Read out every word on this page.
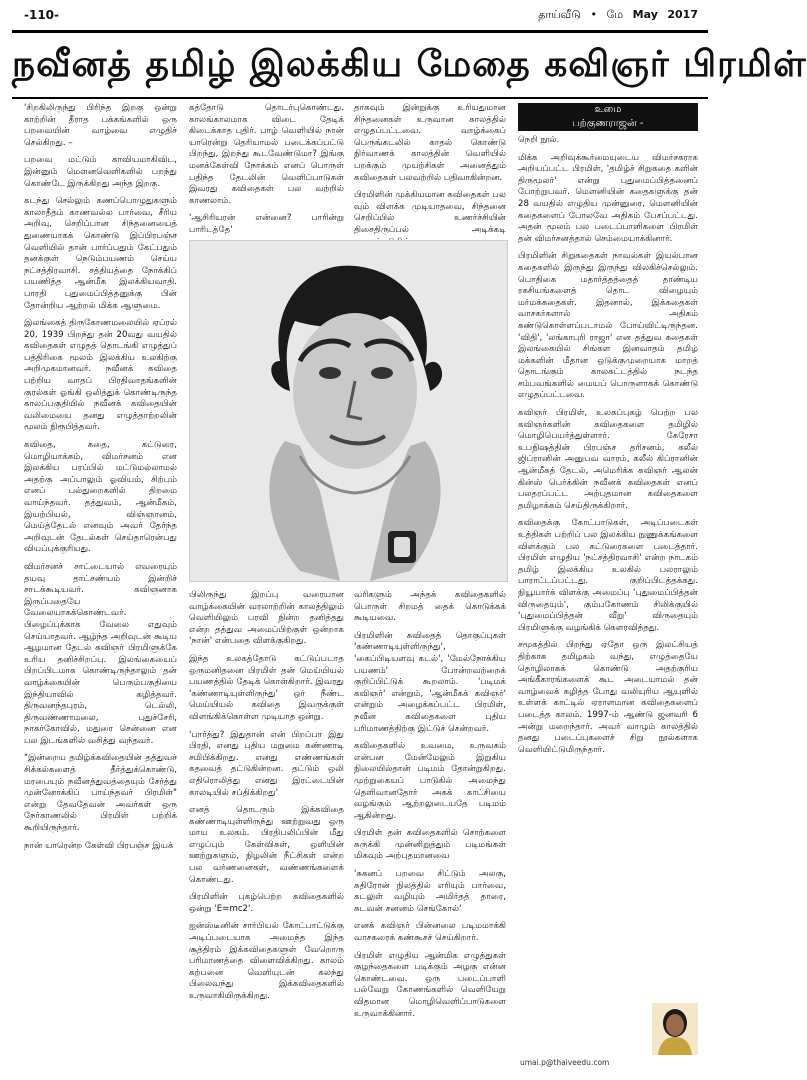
-110-	தாய்வீடு • மே May 2017
நவீனத் தமிழ் இலக்கிய மேதை கவிஞர் பிரமிள்

'சிறகிலிருந்து பிரிந்த இறகு ஒன்று காற்றின் தீராத பக்கங்களில் ஒரு பறவையின் வாழ்வை எழுதிச் செல்கிறது. –

பறவை மட்டும் காவியமாகிவிட, இன்னும் மௌனவெளிகளில் பறந்து கொண்டே இருக்கிறது அந்த இறகு.

கடந்து செல்லும் கணப்பொழுதுகளும் காலாதீதம் காணவல்ல பார்வை, சீரிய அறிவு, செறிப்பான சிந்தனையைத் துணையாகக் கொண்டு இப்பிரபஞ்ச வெளியில் தான் பார்ப்பதும் கேட்பதும் தனக்குள் நெடும்பயணம் செய்ய நட்சத்திரவாசி. சத்தியத்தை நோக்கிப் பயணித்த ஆன்மீக இலக்கியவாதி. பாரதி புதுமைப்பித்தனுக்கு பின் தோன்றிய ஆற்றல் மிக்க ஆளுமை.

இலங்கைத் திருகோணமலையில் ஏப்ரல் 20, 1939 பிறந்து தன் 20வது வயதில் கவிதைகள் எழுதத் தொடங்கி எழுத்துப் பத்திரிகை மூலம் இலக்கிய உலகிற்கு அறிமுகமானவர். நவீனக் கவிதை பற்றிய வாதப் பிரதிவாதங்களின் குரல்கள் ஓங்கி ஒலித்துக் கொண்டிருந்த காலப்பகுதியில் நவீனக் கவிதையின் வலிமையை தனது எழுத்தாற்றலின் மூலம் நிரூபித்தவர்.

கவிதை, கதை, கட்டுரை, மொழியாக்கம், விமர்சனம் என இலக்கிய பரப்பில் மட்டுமல்லாமல் அதற்கு அப்பாலும் ஓவியம், சிற்பம் எனப் பல்துறைகளில் திறமை வாய்ந்தவர். தத்துவம், ஆன்மீகம், இயற்பியல், விஞ்ஞானம், மெய்த்தேடல் எனவும் அவர் தேர்ந்த அறிவுடன் தேடல்கள் செய்தாரென்பது வியப்புக்குரியது.

விமர்சனச் சாட்டையால் எவரையும் தயவு தாட்சண்யம் இன்றிச் சாடக்கூடியவர். கவிஞனாக இருப்பதையே வேலையாகக்கொண்டவர். பிழைப்புக்காக வேலை எதுவும் செய்யாதவர். ஆழ்ந்த அறிவுடன் கூடிய ஆழமான தேடல் கவிஞர் பிரமிளுக்கே உரிய தனிச்சிறப்பு. இலங்கையைப் பிறப்பிடமாக கொண்டிருந்தாலும் தன் வாழ்க்கையின் பெரும்பகுதியை இந்தியாவில் கழித்தவர். திருவனந்தபுரம், டெல்லி, திருவண்ணாமலை, புதுச்சேரி, நாகர்கோவில், மதுரை சென்னை என பல இடங்களில் வசித்து வந்தவர்.

"இன்றைய தமிழ்க்கவிதையின் தத்துவச் சிக்கல்களைத் தீர்த்துக்கொண்டு, மரபையும் நவீனத்துவத்தையும் சேர்த்து முன்னோக்கிப் பாய்ந்தவர் பிரமிள்" என்று தேவதேவன் அவர்கள் ஒரு நேர்காணலில் பிரமிள் பற்றிக் கூறியிருந்தார்.

நான் யாரென்ற கேள்வி பிரபஞ்ச இயக்

கத்தோடு தொடர்புகொண்டது. காலங்காலமாக விடை தேடிக் கிடைக்காத புதிர். பாழ் வெளியில் நான் யாரென்று தெரியாமல் படைக்கப்பட்டு பிறந்து, இறந்து கூடவேண்டுமா? இங்கு மனக்கேள்வி நோக்கம் எனப் பொருள் பதிந்த தேடலின் வெளிப்பாடுகள் இவரது கவிதைகள் பல வற்றில் காணலாம்.

'ஆசிரியரன் என்னை? பாரின்று பாரிடத்தே'

தாகவும் இன்றுக்கு உரியதுமான சிந்தனைகள் உருவான காலத்தில் எழுதப்பட்டவை. வாழ்க்கைப் பெருங்கடலில் காதல் கொண்டு நிர்வாணக் காலத்தின் வெளியில் பறக்கும் முயற்சிகள் அனைத்தும் கவிதைகள் பலவற்றில் பதிவாகின்றன.

பிரமிளின் முக்கியமான கவிதைகள் பல வும் விளக்க முடியாதவை, சிந்தனை செறிப்பில் உணர்ச்சியின் திசைதிருப்பல் அடிக்கடி

உமை
பற்குணராஜன் -

நெறி நூல்.

மிக்க அறிவுக்கூர்மையுடைய விமர்சகராக அறியப்பட்ட பிரமிள், 'தமிழ்ச் சிறுகதை களின் திருமூலர்' என்று புதுமைப்பித்தனைப் போற்றுபவர். மௌனியின் கதைகளுக்கு தன் 28 வயதில் எழுதிய முன்னுரை, மௌனியின் கதைகளைப் போலவே அதிகம் பேசப்பட்டது. அதன் மூலம் பல படைப்பாளிகளை பிரமிள் தன் விமர்சனத்தால் செம்மையாக்கினார்.

பிரமிளின் சிறுகதைகள் நாவல்கள் இயல்பான கதைகளில் இருந்து இருந்து விலகிச்செல்லும். பொதிகை மதார்த்தத்தைத் தாண்டிய ரகசியங்களைத் தொட விழையும் மர்மக்கதைகள். இதனால், இக்கதைகள் வாசகர்களால் அதிகம் கண்டுகொள்ளப்படாமல் போய்விட்டிருந்தன. 'விதி', 'லங்காபுரி ராஜா' என தத்துவ கதைகள் இலங்கையில் சிங்கள இனவாதம் தமிழ் மக்களின் மீதான ஒடுக்குமுறையாக மாறத் தொடங்கும் காலகட்டத்தில் நடந்த சம்பவங்களில் மையப் பொருளாகக் கொண்டு எழுதப்பட்டவை.

கவிஞர் பிரமிள், உலகப்புகழ் பெற்ற பல கவிஞர்களின் கவிதைகளை தமிழில் மொழிபெயர்த்துள்ளார். கேரேசா உபநிஷத்தின் பிரபஞ்ச தரிசனம், கலீல் ஜிப்ரானின் அனுபவ வாரம், கலீல் கிப்ரானின் ஆன்மீகத் தேடல், அமெரிக்க கவிஞர் ஆலன் கின்ஸ் பெர்க்கின் நவீனக் கவிதைகள் எனப் பலதரப்பட்ட அற்புதமான கவிதைகளை தமிழாக்கம் செய்திருக்கிறார்.

கவிதைக்கு கோட்பாடுகள், அடிப்படைகள் உத்திகள் பற்றிப் பல இலக்கிய நுணுக்கங்களை விளக்கும் பல கட்டுரைகளை படைத்தார். பிரமிள் எழுதிய 'நட்சத்திரவாசி' என்ற நாடகம் தமிழ் இலக்கிய உலகில் பலராலும் பாராட்டப்பட்டது. குறிப்பிடத்தக்கது. நியூயார்க் விளக்கு அமைப்பு 'புதுமைப்பித்தன் விருதையும்', கும்பகோணம் சிலிக்குயில் 'புதுமைப்பித்தன் வீறு' விருதையும் பிரமிளுக்கு வழங்கிக் கௌரவித்தது.

சமூகத்தில் பிறந்து ஏதோ ஒரு இலட்சியத் திற்காக தமிழகம் வந்து, எழுத்தையே தொழிலாகக் கொண்டு அதற்குரிய அங்கீகாரங்களைக் கூட அடையாமல் தன் வாழ்வைக் கழித்த போது வலியுரிய ஆயுளில் உள்ளக் காட்டில் ஏராளமான கவிதைகளைப் படைத்த காலம். 1997-ம் ஆண்டு ஜனவரி 6 அன்று மறைந்தார். அவர் வாழும் காலத்தில் தனது படைப்புகளைச் சிறு நூல்களாக வெளியிட்டுமிருந்தார்.

பிலிருந்து இறப்பு வரையான வாழ்க்கையின் வரலாற்றின் காலத்திலும் வெளியிலும் பரவி நின்ற தனித்தது என்ற தத்துவ அமைப்பிற்குள் ஒன்றாக 'நான்' என்பதை விளக்குகிறது.

இந்த உலகத்தோடு கட்டுப்படாத ஒருமனிதனை பிரமிள் தன் மெய்யியல் பயணத்தில் தேடிக் கொள்கிறார். இவரது 'கண்ணாடியுள்ளிருந்து' ஒர் நீண்ட மெய்யியல் கவிதை இவருக்குள் விளங்கிக்கொள்ள முடியாத ஒன்று.

'பார்த்து? இதுதான் என் பிறப்பா இது பிரதி, எனது புதிய மறுமை கண்ணாடி சமிபிக்கிறது. எனது எண்ணங்கள் கதவைத் தட்டுகின்றன. தட்டும் ஒலி எதிரொலித்து எனது இரட்டையின் காலடியில் சப்திக்கிறது'

எனத் தொடரும் இக்கவிதை கண்ணாடியுள்ளிருந்து ஊற்றுவது ஒரு மாய உலகம். பிரதிபலிப்பின் மீது எழுப்பும் கேள்விகள், ஒளியின் ஊற்றுகளும், நிழலின் நீட்சிகள் என்ற பல வர்ணனைகள், வண்ணங்களைக் கொண்டது.

பிரமிளின் புகழ்பெற்ற கவிதைகளில் ஒன்று 'E=mc2'.

ஐன்ஸ்டீனின் சார்பியல் கோட்பாட்டுக்கு அடிப்படையாக அமைந்த இந்த சூத்திரம் இக்கவிதைகளுள் வேறொரு பரிமாணத்தை விளைவிக்கிறது. காலம் கற்பனை வெளியுடன் கலந்து பிலைவந்து இக்கவிதைகளில் உருவாகியிருக்கிறது.

வரிகளும் அந்தக் கவிதைகளில் பொருள் சிறமத் தைக் கொடுக்கக் கூடியவை.

பிரமிளின் கவிதைத் தொகுப்புகள் 'கண்ணாடியுள்ளிருந்து', 'கைப்பிடியளவு கடல்', 'மேல்நோக்கிய பயணம்' போன்றவற்றைக் குறிப்பிட்டுக் கூறலாம். 'படிமக் கவிஞர்' என்றும், 'ஆன்மீகக் கவிஞர்' என்றும் அழைக்கப்பட்ட பிரமிள், நவீன கவிதைகளை புதிய பரிமாணத்திற்கு இட்டுச் சென்றவர்.

கவிதைகளில் உவமை, உருவகம் என்பன மேன்மேலும் இறுகிய நிலையில்தான் படிமம் தோன்றுகிறது. முற்றுகையப் பாடுகில் அமைந்து தெளிவானதோர் அகக் காட்சியை வழங்கும் ஆற்றலுடையதே படிமம் ஆகின்றது.

பிரமிள் தன் கவிதைகளில் சொற்களை சுருக்கி முன்னிறுத்தும் படிமங்கள் மிகவும் அற்புதமானவை

'சுகனப் பறவை சிட்டும் அலகு, சுதிரோன் நிலத்தில் எரியும் பார்வை, கடலுள் வழியும் அமிர்தத் தாரை, சுடவன் சனனம் செங்கோல்'

எனக் கவிஞர் பின்னலை படிமமாக்கி வாசகரைக் கண்கூசச் செய்கிறார்.

பிரமிள் எழுதிய ஆன்மிக எழுத்துகள் குழந்தைகளை படிக்கும் அழகு என்ன கொண்டவை. ஒரு படைப்பாளி பல்வேறு கோணங்களில் வெளியேறு விதமான மொழிவெளிப்பாடுகளை உருவாக்கினார்.

umai.p@thaiveedu.com
